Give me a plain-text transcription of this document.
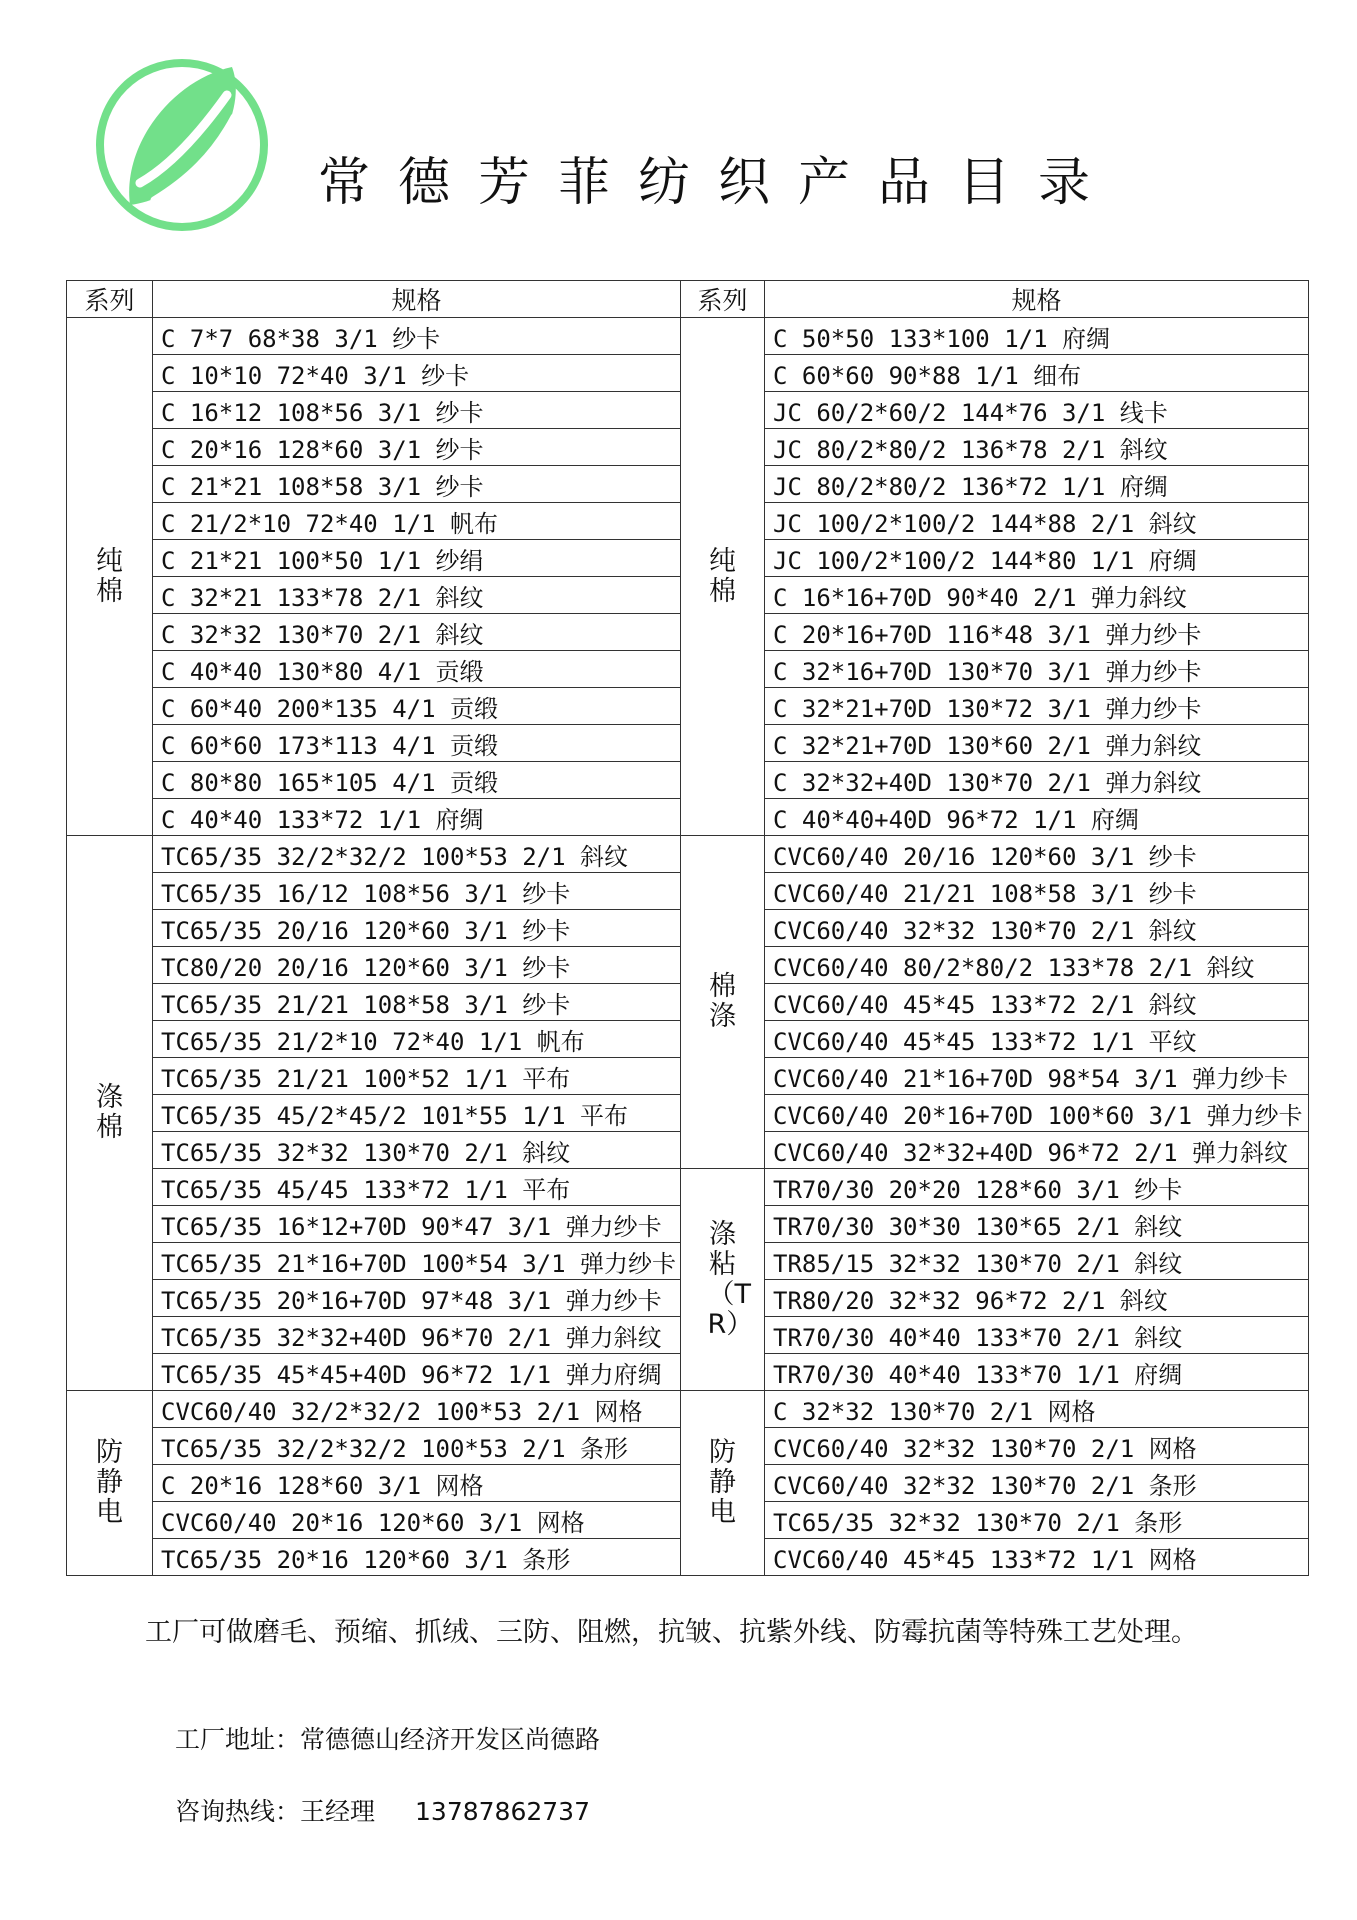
常德芳菲纺织产品目录
系列	规格	系列	规格
纯棉	C 7*7 68*38 3/1 纱卡	纯棉	C 50*50 133*100 1/1 府绸
	C 10*10 72*40 3/1 纱卡		C 60*60 90*88 1/1 细布
	C 16*12 108*56 3/1 纱卡		JC 60/2*60/2 144*76 3/1 线卡
	C 20*16 128*60 3/1 纱卡		JC 80/2*80/2 136*78 2/1 斜纹
	C 21*21 108*58 3/1 纱卡		JC 80/2*80/2 136*72 1/1 府绸
	C 21/2*10 72*40 1/1 帆布		JC 100/2*100/2 144*88 2/1 斜纹
	C 21*21 100*50 1/1 纱绢		JC 100/2*100/2 144*80 1/1 府绸
	C 32*21 133*78 2/1 斜纹		C 16*16+70D 90*40 2/1 弹力斜纹
	C 32*32 130*70 2/1 斜纹		C 20*16+70D 116*48 3/1 弹力纱卡
	C 40*40 130*80 4/1 贡缎		C 32*16+70D 130*70 3/1 弹力纱卡
	C 60*40 200*135 4/1 贡缎		C 32*21+70D 130*72 3/1 弹力纱卡
	C 60*60 173*113 4/1 贡缎		C 32*21+70D 130*60 2/1 弹力斜纹
	C 80*80 165*105 4/1 贡缎		C 32*32+40D 130*70 2/1 弹力斜纹
	C 40*40 133*72 1/1 府绸		C 40*40+40D 96*72 1/1 府绸
涤棉	TC65/35 32/2*32/2 100*53 2/1 斜纹	棉涤	CVC60/40 20/16 120*60 3/1 纱卡
	TC65/35 16/12 108*56 3/1 纱卡		CVC60/40 21/21 108*58 3/1 纱卡
	TC65/35 20/16 120*60 3/1 纱卡		CVC60/40 32*32 130*70 2/1 斜纹
	TC80/20 20/16 120*60 3/1 纱卡		CVC60/40 80/2*80/2 133*78 2/1 斜纹
	TC65/35 21/21 108*58 3/1 纱卡		CVC60/40 45*45 133*72 2/1 斜纹
	TC65/35 21/2*10 72*40 1/1 帆布		CVC60/40 45*45 133*72 1/1 平纹
	TC65/35 21/21 100*52 1/1 平布		CVC60/40 21*16+70D 98*54 3/1 弹力纱卡
	TC65/35 45/2*45/2 101*55 1/1 平布		CVC60/40 20*16+70D 100*60 3/1 弹力纱卡
	TC65/35 32*32 130*70 2/1 斜纹		CVC60/40 32*32+40D 96*72 2/1 弹力斜纹
	TC65/35 45/45 133*72 1/1 平布	涤粘（TR）	TR70/30 20*20 128*60 3/1 纱卡
	TC65/35 16*12+70D 90*47 3/1 弹力纱卡		TR70/30 30*30 130*65 2/1 斜纹
	TC65/35 21*16+70D 100*54 3/1 弹力纱卡		TR85/15 32*32 130*70 2/1 斜纹
	TC65/35 20*16+70D 97*48 3/1 弹力纱卡		TR80/20 32*32 96*72 2/1 斜纹
	TC65/35 32*32+40D 96*70 2/1 弹力斜纹		TR70/30 40*40 133*70 2/1 斜纹
	TC65/35 45*45+40D 96*72 1/1 弹力府绸		TR70/30 40*40 133*70 1/1 府绸
防静电	CVC60/40 32/2*32/2 100*53 2/1 网格	防静电	C 32*32 130*70 2/1 网格
	TC65/35 32/2*32/2 100*53 2/1 条形		CVC60/40 32*32 130*70 2/1 网格
	C 20*16 128*60 3/1 网格		CVC60/40 32*32 130*70 2/1 条形
	CVC60/40 20*16 120*60 3/1 网格		TC65/35 32*32 130*70 2/1 条形
	TC65/35 20*16 120*60 3/1 条形		CVC60/40 45*45 133*72 1/1 网格
工厂可做磨毛、预缩、抓绒、三防、阻燃，抗皱、抗紫外线、防霉抗菌等特殊工艺处理。
工厂地址：常德德山经济开发区尚德路
咨询热线：王经理 13787862737
